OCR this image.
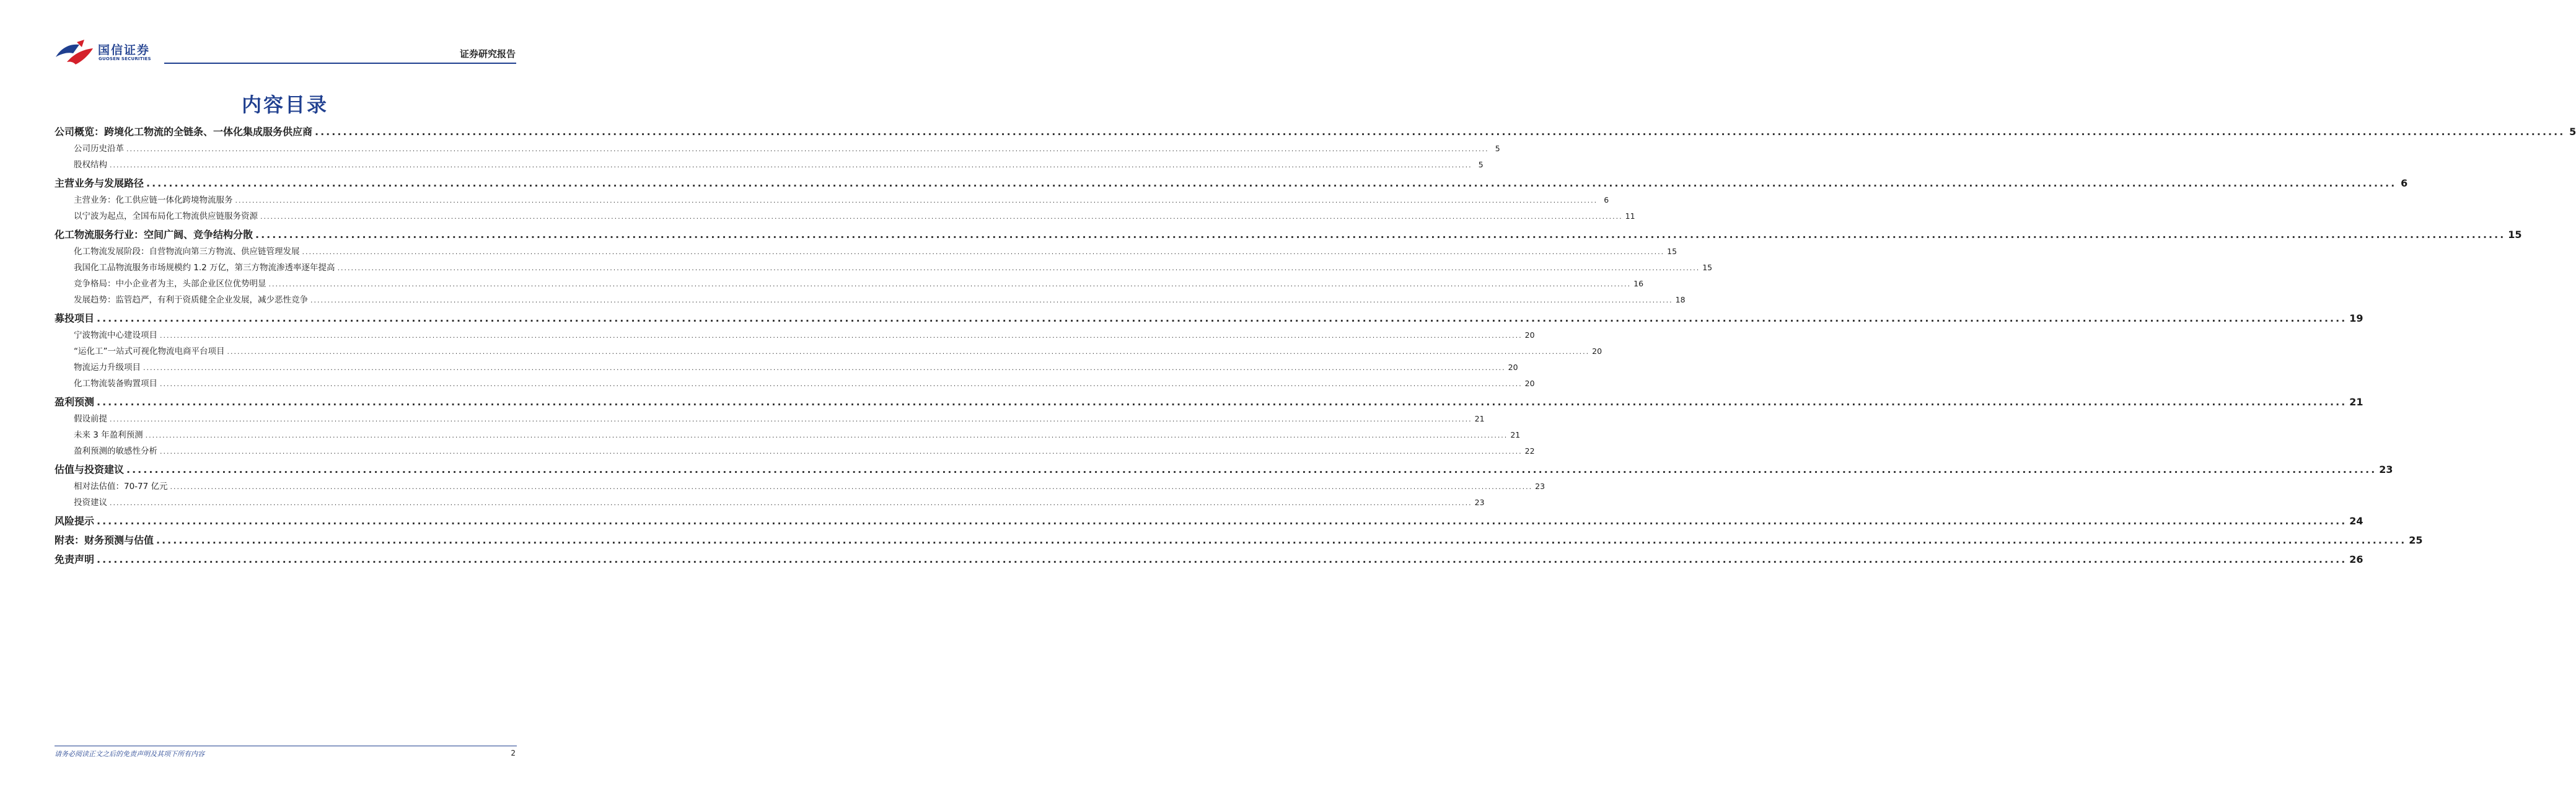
国信证券
GUOSEN SECURITIES	证券研究报告
内容目录
公司概览：跨境化工物流的全链条、一体化集成服务供应商 ................................................................................................................................................................................................................................................................................................................................................................................................................ 5
公司历史沿革 ................................................................................................................................................................................................................................................................................................................................................................................................................ 5
股权结构 ................................................................................................................................................................................................................................................................................................................................................................................................................ 5
主营业务与发展路径 ................................................................................................................................................................................................................................................................................................................................................................................................................ 6
主营业务：化工供应链一体化跨境物流服务 ................................................................................................................................................................................................................................................................................................................................................................................................................ 6
以宁波为起点，全国布局化工物流供应链服务资源 ................................................................................................................................................................................................................................................................................................................................................................................................................ 11
化工物流服务行业：空间广阔、竞争结构分散 ................................................................................................................................................................................................................................................................................................................................................................................................................ 15
化工物流发展阶段：自营物流向第三方物流、供应链管理发展 ................................................................................................................................................................................................................................................................................................................................................................................................................ 15
我国化工品物流服务市场规模约 1.2 万亿，第三方物流渗透率逐年提高 ................................................................................................................................................................................................................................................................................................................................................................................................................ 15
竞争格局：中小企业者为主，头部企业区位优势明显 ................................................................................................................................................................................................................................................................................................................................................................................................................ 16
发展趋势：监管趋严，有利于资质健全企业发展，减少恶性竞争 ................................................................................................................................................................................................................................................................................................................................................................................................................ 18
募投项目 ................................................................................................................................................................................................................................................................................................................................................................................................................ 19
宁波物流中心建设项目 ................................................................................................................................................................................................................................................................................................................................................................................................................ 20
“运化工”一站式可视化物流电商平台项目 ................................................................................................................................................................................................................................................................................................................................................................................................................ 20
物流运力升级项目 ................................................................................................................................................................................................................................................................................................................................................................................................................ 20
化工物流装备购置项目 ................................................................................................................................................................................................................................................................................................................................................................................................................ 20
盈利预测 ................................................................................................................................................................................................................................................................................................................................................................................................................ 21
假设前提 ................................................................................................................................................................................................................................................................................................................................................................................................................ 21
未来 3 年盈利预测 ................................................................................................................................................................................................................................................................................................................................................................................................................ 21
盈利预测的敏感性分析 ................................................................................................................................................................................................................................................................................................................................................................................................................ 22
估值与投资建议 ................................................................................................................................................................................................................................................................................................................................................................................................................ 23
相对法估值：70-77 亿元 ................................................................................................................................................................................................................................................................................................................................................................................................................ 23
投资建议 ................................................................................................................................................................................................................................................................................................................................................................................................................ 23
风险提示 ................................................................................................................................................................................................................................................................................................................................................................................................................ 24
附表：财务预测与估值 ................................................................................................................................................................................................................................................................................................................................................................................................................ 25
免责声明 ................................................................................................................................................................................................................................................................................................................................................................................................................ 26
请务必阅读正文之后的免责声明及其项下所有内容	2
